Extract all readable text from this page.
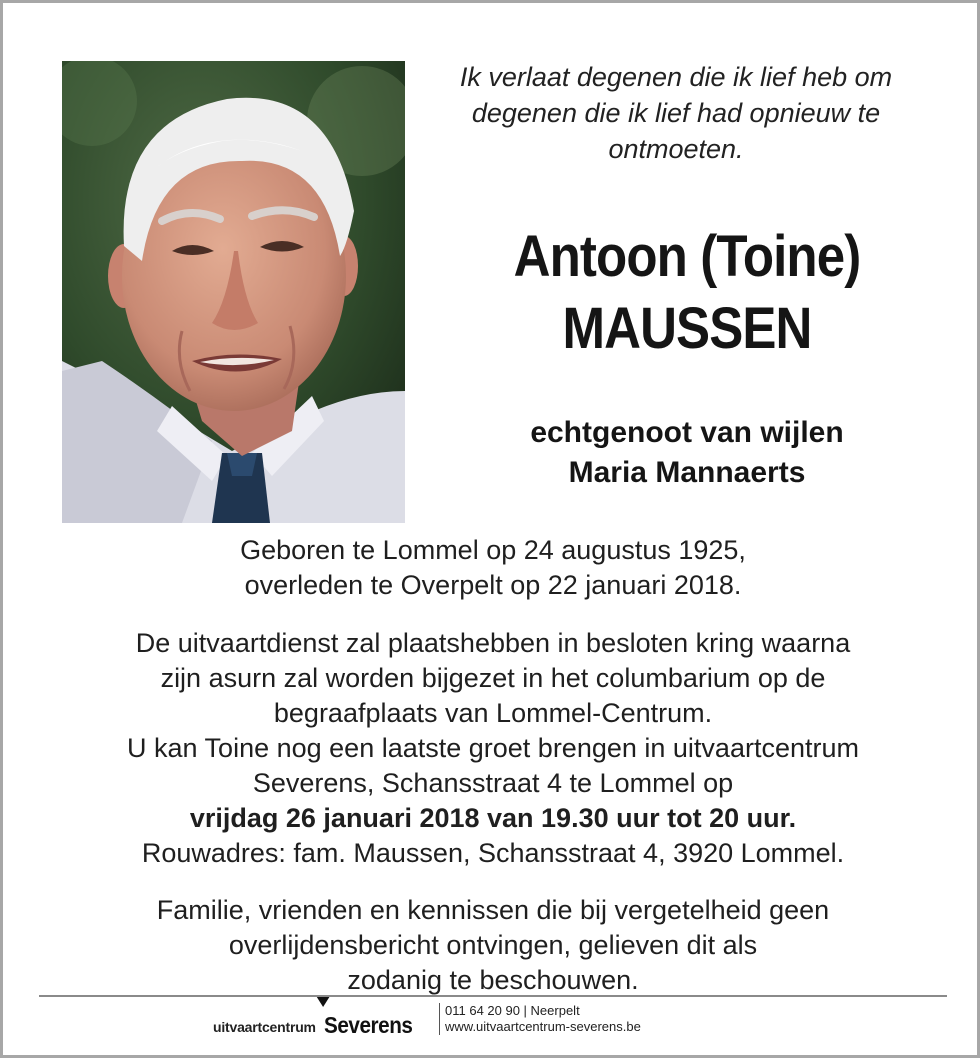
Ik verlaat degenen die ik lief heb om
degenen die ik lief had opnieuw te
ontmoeten.
Antoon (Toine)
MAUSSEN
echtgenoot van wijlen
Maria Mannaerts
Geboren te Lommel op 24 augustus 1925,
overleden te Overpelt op 22 januari 2018.
De uitvaartdienst zal plaatshebben in besloten kring waarna
zijn asurn zal worden bijgezet in het columbarium op de
begraafplaats van Lommel-Centrum.
U kan Toine nog een laatste groet brengen in uitvaartcentrum
Severens, Schansstraat 4 te Lommel op
vrijdag 26 januari 2018 van 19.30 uur tot 20 uur.
Rouwadres: fam. Maussen, Schansstraat 4, 3920 Lommel.
Familie, vrienden en kennissen die bij vergetelheid geen
overlijdensbericht ontvingen, gelieven dit als
zodanig te beschouwen.
uitvaartcentrum Severens
011 64 20 90 | Neerpelt
www.uitvaartcentrum-severens.be
